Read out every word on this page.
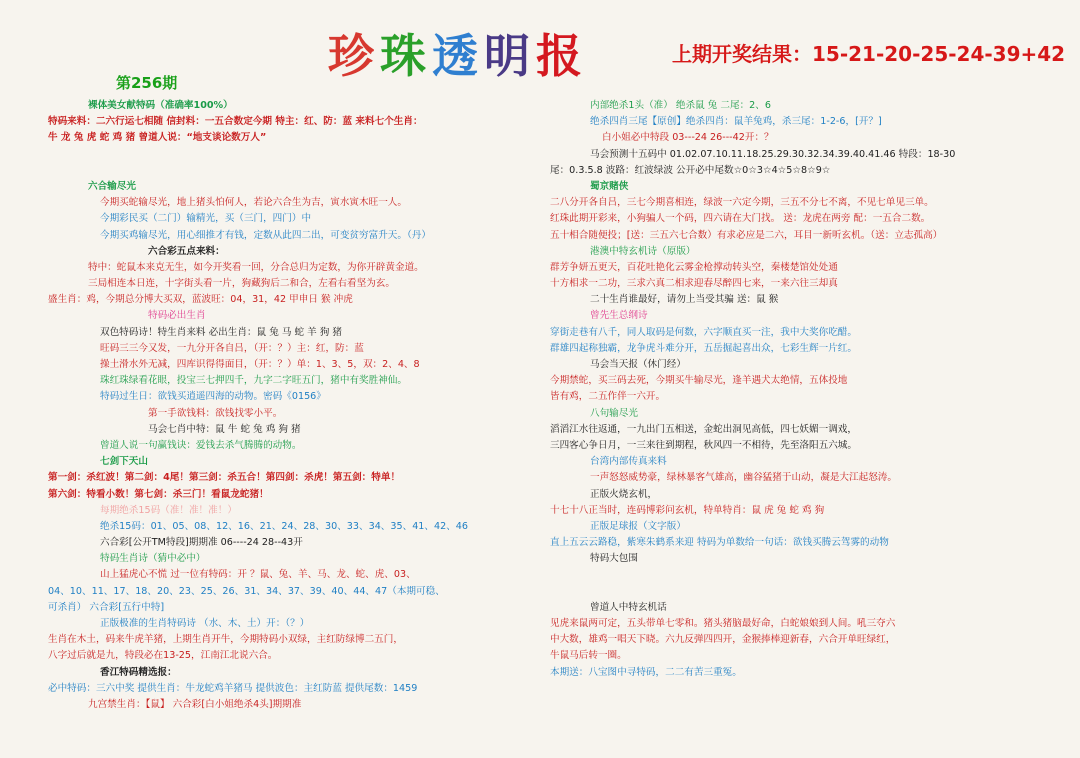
珍珠透明报	上期开奖结果：15-21-20-25-24-39+42
第256期
裸体美女献特码（准确率100%）
特码来料：二六行运七相随 信封料：一五合数定今期 特主：红、防：蓝 来料七个生肖：
牛 龙 兔 虎 蛇 鸡 猪 曾道人说：“地支谈论数万人”
六合输尽光
今期买蛇输尽光，地上猪头怕何人，若论六合生为吉，寅水寅木旺一人。
今期彩民买（二门）输精光，买（三门，四门）中
今期买鸡输尽光，用心细推才有钱，定数从此四二出，可变贫穷富升天。（丹）
六合彩五点来料：
特中：蛇鼠本来克无生，如今开奖看一回，分合总归为定数，为你开辟黄金道。
三局相连本日连，十字街头看一片，狗藏狗后二和合，左看右看坚为玄。
盛生肖：鸡，今期总分博大买双，蓝波旺：04，31，42 甲申日 猴 冲虎
特码必出生肖
双色特码诗！特生肖来料 必出生肖：鼠 兔 马 蛇 羊 狗 猪
旺码三三今又发，一九分开各自吕，（开：？）主：红，防：蓝
操土滑水外无减，四库识得得面目，（开：？）单：1、3、5，双：2、4、8
珠红珠绿看花眼，投宝三七押四千，九字二字旺五门，猪中有奖胜神仙。
特码过生日：欲钱买逍遥四海的动物。密码《0156》
第一手欲钱料：欲钱找零小平。
马会七肖中特：鼠 牛 蛇 兔 鸡 狗 猪
曾道人说一句赢钱诀：爱钱去杀气腾腾的动物。
七剑下天山
第一剑：杀红波！第二剑：4尾！第三剑：杀五合！第四剑：杀虎！第五剑：特单！
第六剑：特看小数！第七剑：杀三门！看鼠龙蛇猪！
每期绝杀15码（准！准！准！）
绝杀15码：01、05、08、12、16、21、24、28、30、33、34、35、41、42、46
六合彩[公开TM特段]期期准 06----24 28--43开
特码生肖诗（猜中必中）
山上猛虎心不慌 过一位有特码：开 ？鼠、兔、羊、马、龙、蛇、虎、03、
04、10、11、17、18、20、23、25、26、31、34、37、39、40、44、47（本期可稳、
可杀肖） 六合彩[五行中特]
正版极准的生肖特码诗 （水、木、土）开：（？）
生肖在木土，码来牛虎羊猪，上期生肖开牛，今期特码小双绿，主红防绿博二五门，
八字过后就是九，特段必在13-25，江南江北说六合。
香江特码精选报：
必中特码：三六中奖 提供生肖：牛龙蛇鸡羊猪马 提供波色：主红防蓝 提供尾数：1459
九宫禁生肖：【鼠】 六合彩[白小姐绝杀4头]期期准
内部绝杀1头（准） 绝杀鼠 兔 二尾：2、6
绝杀四肖三尾【原创】绝杀四肖：鼠羊兔鸡，杀三尾：1-2-6，[开？]
白小姐必中特段 03---24 26---42开：？
马会预测十五码中 01.02.07.10.11.18.25.29.30.32.34.39.40.41.46 特段：18-30
尾：0.3.5.8 波路：红波绿波 公开必中尾数☆0☆3☆4☆5☆8☆9☆
蜀京赌侠
二八分开各自吕，三七今期喜相连，绿波一六定今期，三五不分七不离，不见七单见三单。
红珠此期开彩来，小狗骗人一个码，四六请在大门找。 送：龙虎在两旁 配：一五合二数。
五十相合随便投；[送：三五六七合数）有求必应是二六，耳目一新听玄机。（送：立志孤高）
港澳中特玄机诗（原版）
群芳争妍五更天，百花吐艳化云雾金枪撑动转头空，秦楼楚馆处处通
十方相求一二功，三求六真二相求迎春尽醉四七来，一来六往三却真
二十生肖谁最好，请勿上当受其骗 送：鼠 猴
曾先生总纲诗
穿街走巷有八千，同人取码是何数，六字顺直买一注，我中大奖你吃醋。
群雄四起称独霸，龙争虎斗难分开，五岳掘起喜出众，七彩生辉一片红。
马会当天报（休门经）
今期禁蛇，买三码去死，今期买牛输尽光，逢羊遇犬太绝情，五体投地
皆有鸡，二五作伴一六开。
八句输尽光
滔滔江水往返通，一九出门五相送，金蛇出洞见高低，四七妖媚一调戏，
三四客心争日月，一三来往到期程，秋风四一不相待，先至洛阳五六城。
台湾内部传真来料
一声怒怒威势豪，绿林暴客气雄高，幽谷猛猪于山动，凝是大江起怒涛。
正版火烧玄机，
十七十八正当时，连码博彩问玄机，特单特肖：鼠 虎 兔 蛇 鸡 狗
正版足球报（文字版）
直上五云云路稳，紫寒朱鹤系来迎 特码为单数给一句话：欲钱买腾云驾雾的动物
特码大包围
曾道人中特玄机话
见虎来鼠两可定，五头带单七零和。猪头猪脑最好命，白蛇娘娘到人间。吼三夺六
中大数，雄鸡一唱天下晓。六九反弹四四开，金猴捧棒迎新春，六合开单旺绿红，
牛鼠马后转一圈。
本期送：八宝图中寻特码，二二有苦三重冤。
